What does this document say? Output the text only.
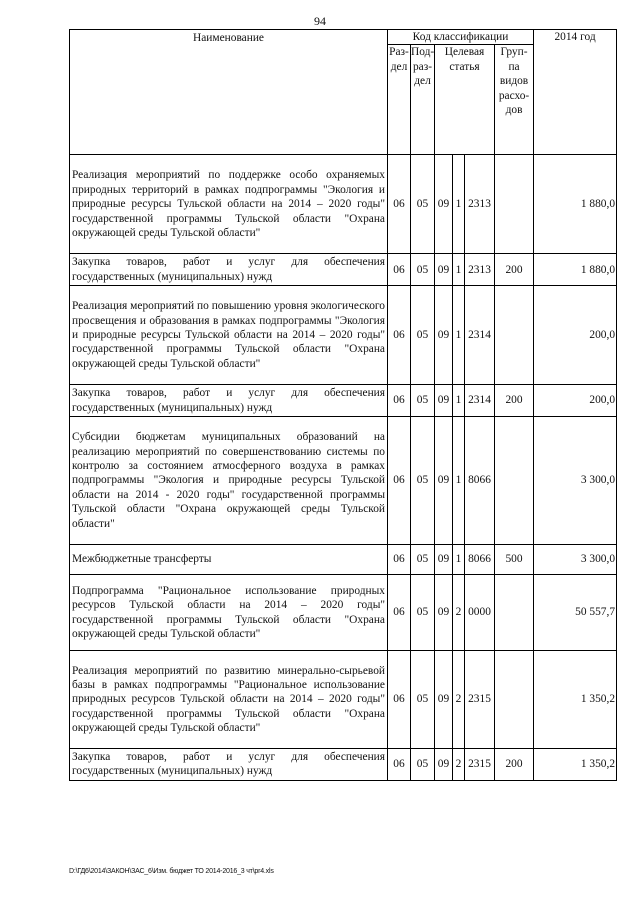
94
Наименование	Код классификации						2014 год
	Раз-дел	Под-раз-дел	Целевая статья			Груп-па видов расхо-дов	
Реализация мероприятий по поддержке особо охраняемых природных территорий в рамках подпрограммы "Экология и природные ресурсы Тульской области на 2014 – 2020 годы" государственной программы Тульской области "Охрана окружающей среды Тульской области"	06	05	09	1	2313		1 880,0
Закупка товаров, работ и услуг для обеспечения государственных (муниципальных) нужд	06	05	09	1	2313	200	1 880,0
Реализация мероприятий по повышению уровня экологического просвещения и образования в рамках подпрограммы "Экология и природные ресурсы Тульской области на 2014 – 2020 годы" государственной программы Тульской области "Охрана окружающей среды Тульской области"	06	05	09	1	2314		200,0
Закупка товаров, работ и услуг для обеспечения государственных (муниципальных) нужд	06	05	09	1	2314	200	200,0
Субсидии бюджетам муниципальных образований на реализацию мероприятий по совершенствованию системы по контролю за состоянием атмосферного воздуха в рамках подпрограммы "Экология и природные ресурсы Тульской области на 2014 - 2020 годы" государственной программы Тульской области "Охрана окружающей среды Тульской области"	06	05	09	1	8066		3 300,0
Межбюджетные трансферты	06	05	09	1	8066	500	3 300,0
Подпрограмма "Рациональное использование природных ресурсов Тульской области на 2014 – 2020 годы" государственной программы Тульской области "Охрана окружающей среды Тульской области"	06	05	09	2	0000		50 557,7
Реализация мероприятий по развитию минерально-сырьевой базы в рамках подпрограммы "Рациональное использование природных ресурсов Тульской области на 2014 – 2020 годы" государственной программы Тульской области "Охрана окружающей среды Тульской области"	06	05	09	2	2315		1 350,2
Закупка товаров, работ и услуг для обеспечения государственных (муниципальных) нужд	06	05	09	2	2315	200	1 350,2
D:\ГД6\2014\ЗАКОН\ЗАС_6\Изм. бюджет ТО 2014-2016_3 чт\pr4.xls
